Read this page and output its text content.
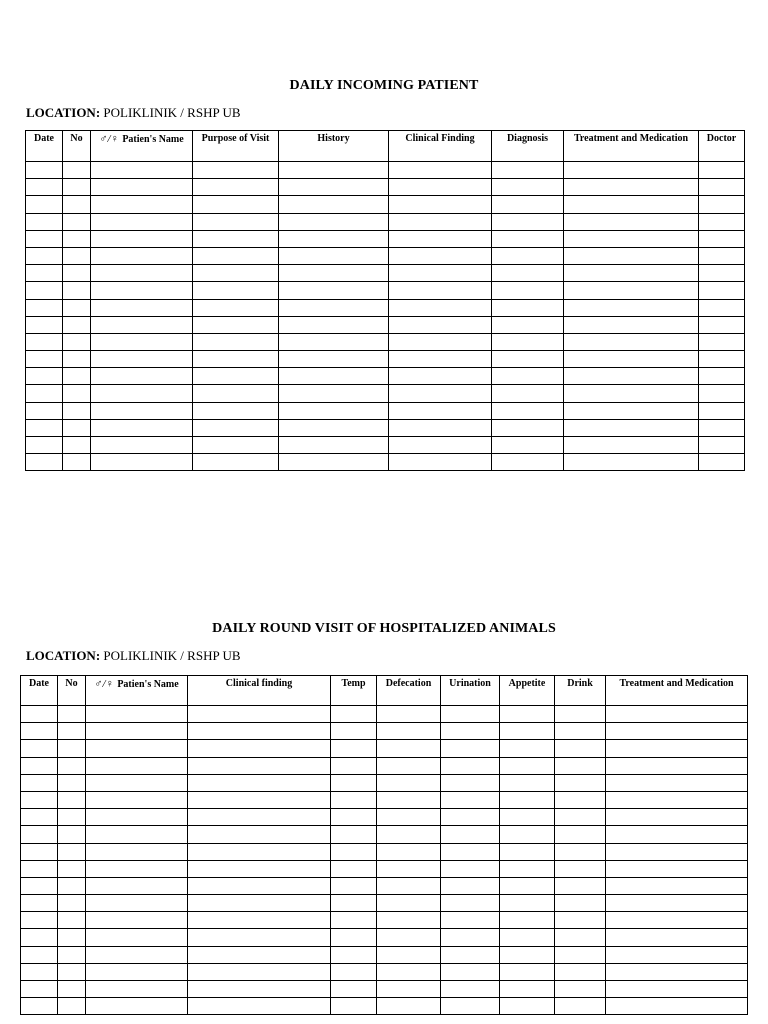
DAILY INCOMING PATIENT
LOCATION: POLIKLINIK / RSHP UB
Date	No	♂/♀ Patien's Name	Purpose of Visit	History	Clinical Finding	Diagnosis	Treatment and Medication	Doctor

DAILY ROUND VISIT OF HOSPITALIZED ANIMALS
LOCATION: POLIKLINIK / RSHP UB
Date	No	♂/♀ Patien's Name	Clinical finding	Temp	Defecation	Urination	Appetite	Drink	Treatment and Medication
